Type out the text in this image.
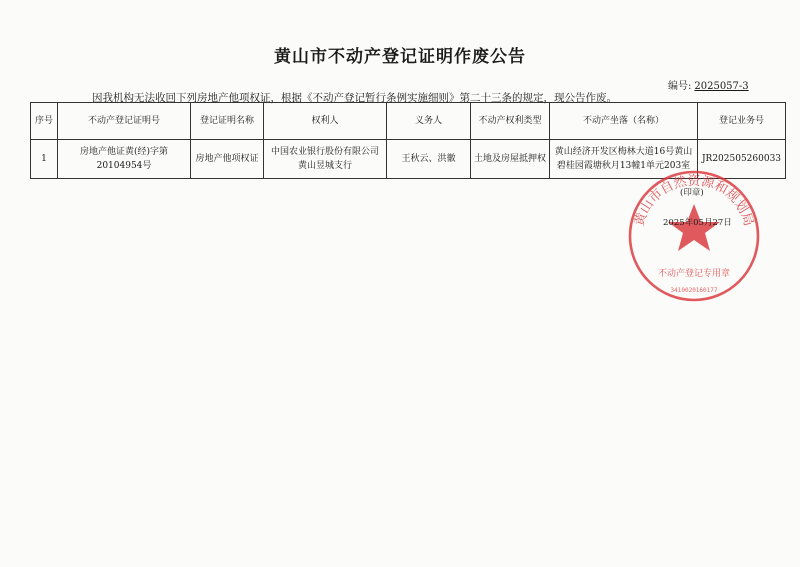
黄山市不动产登记证明作废公告
编号: 2025057-3
因我机构无法收回下列房地产他项权证，根据《不动产登记暂行条例实施细则》第二十三条的规定，现公告作废。
序号	不动产登记证明号	登记证明名称	权利人	义务人	不动产权利类型	不动产坐落（名称）	登记业务号
1	房地产他证黄(经)字第20104954号	房地产他项权证	中国农业银行股份有限公司黄山昱城支行	王秋云、洪徽	土地及房屋抵押权	黄山经济开发区梅林大道16号黄山碧桂园霞塘秋月13幢1单元203室	JR202505260033
黄山市自然资源和规划局
不动产登记专用章
3410020160177
(印章)
2025年05月27日
